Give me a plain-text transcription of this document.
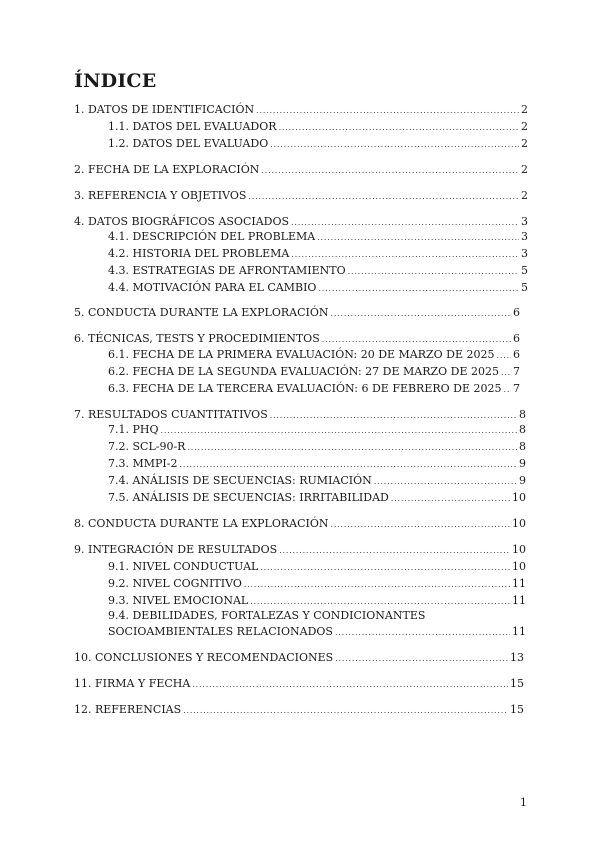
ÍNDICE
1. DATOS DE IDENTIFICACIÓN .....	2
1.1. DATOS DEL EVALUADOR .....	2
1.2. DATOS DEL EVALUADO .....	2
2. FECHA DE LA EXPLORACIÓN .....	2
3. REFERENCIA Y OBJETIVOS .....	2
4. DATOS BIOGRÁFICOS ASOCIADOS .....	3
4.1. DESCRIPCIÓN DEL PROBLEMA .....	3
4.2. HISTORIA DEL PROBLEMA .....	3
4.3. ESTRATEGIAS DE AFRONTAMIENTO .....	5
4.4. MOTIVACIÓN PARA EL CAMBIO .....	5
5. CONDUCTA DURANTE LA EXPLORACIÓN .....	6
6. TÉCNICAS, TESTS Y PROCEDIMIENTOS .....	6
6.1. FECHA DE LA PRIMERA EVALUACIÓN: 20 DE MARZO DE 2025 ..... 6
6.2. FECHA DE LA SEGUNDA EVALUACIÓN: 27 DE MARZO DE 2025 ..... 7
6.3. FECHA DE LA TERCERA EVALUACIÓN: 6 DE FEBRERO DE 2025 ..... 7
7. RESULTADOS CUANTITATIVOS .....	8
7.1. PHQ .....	8
7.2. SCL-90-R .....	8
7.3. MMPI-2 .....	9
7.4. ANÁLISIS DE SECUENCIAS: RUMIACIÓN .....	9
7.5. ANÁLISIS DE SECUENCIAS: IRRITABILIDAD .....	10
8. CONDUCTA DURANTE LA EXPLORACIÓN .....	10
9. INTEGRACIÓN DE RESULTADOS .....	10
9.1. NIVEL CONDUCTUAL .....	10
9.2. NIVEL COGNITIVO .....	11
9.3. NIVEL EMOCIONAL .....	11
9.4. DEBILIDADES, FORTALEZAS Y CONDICIONANTES
SOCIOAMBIENTALES RELACIONADOS .....	11
10. CONCLUSIONES Y RECOMENDACIONES .....	13
11. FIRMA Y FECHA .....	15
12. REFERENCIAS .....	15
1
